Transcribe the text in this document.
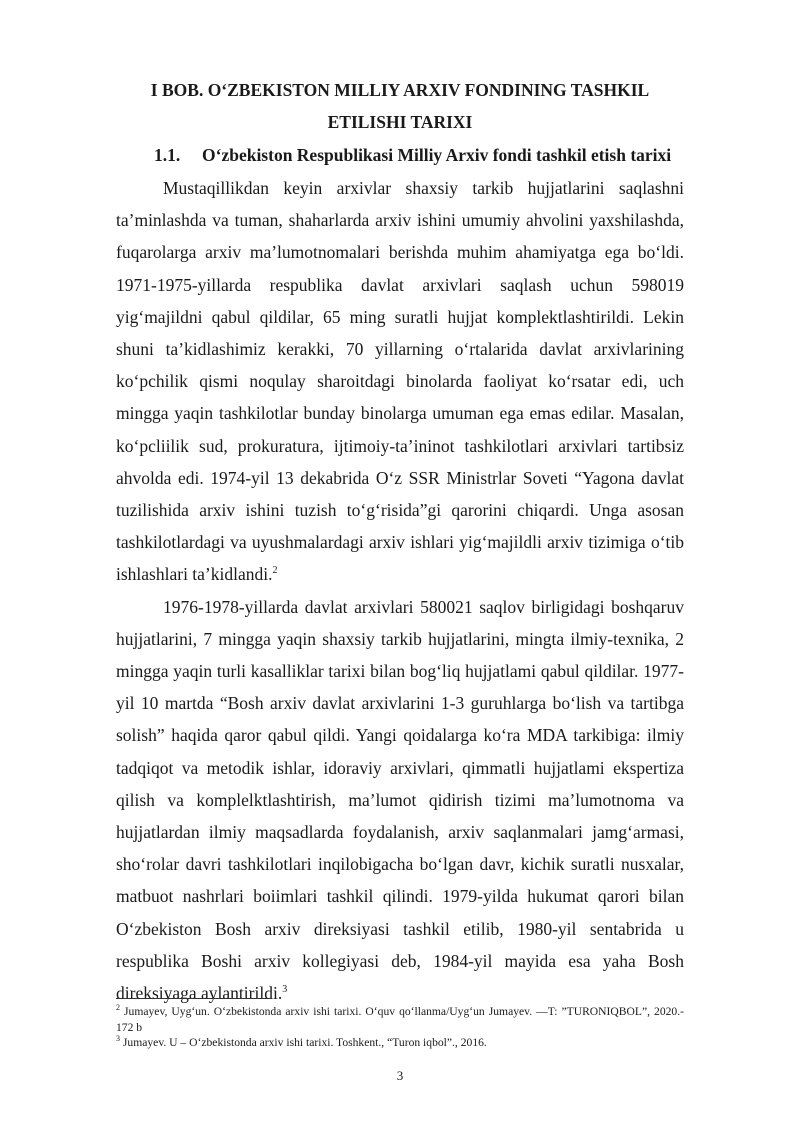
I BOB. O‘ZBEKISTON MILLIY ARXIV FONDINING TASHKIL
ETILISHI TARIXI
1.1. O‘zbekiston Respublikasi Milliy Arxiv fondi tashkil etish tarixi

Mustaqillikdan keyin arxivlar shaxsiy tarkib hujjatlarini saqlashni ta’minlashda va tuman, shaharlarda arxiv ishini umumiy ahvolini yaxshilashda, fuqarolarga arxiv ma’lumotnomalari berishda muhim ahamiyatga ega bo‘ldi. 1971-1975-yillarda respublika davlat arxivlari saqlash uchun 598019 yig‘majildni qabul qildilar, 65 ming suratli hujjat komplektlashtirildi. Lekin shuni ta’kidlashimiz kerakki, 70 yillarning o‘rtalarida davlat arxivlarining ko‘pchilik qismi noqulay sharoitdagi binolarda faoliyat ko‘rsatar edi, uch mingga yaqin tashkilotlar bunday binolarga umuman ega emas edilar. Masalan, ko‘pcliilik sud, prokuratura, ijtimoiy-ta’ininot tashkilotlari arxivlari tartibsiz ahvolda edi. 1974-yil 13 dekabrida O‘z SSR Ministrlar Soveti “Yagona davlat tuzilishida arxiv ishini tuzish to‘g‘risida”gi qarorini chiqardi. Unga asosan tashkilotlardagi va uyushmalardagi arxiv ishlari yig‘majildli arxiv tizimiga o‘tib ishlashlari ta’kidlandi.$^2$

1976-1978-yillarda davlat arxivlari 580021 saqlov birligidagi boshqaruv hujjatlarini, 7 mingga yaqin shaxsiy tarkib hujjatlarini, mingta ilmiy-texnika, 2 mingga yaqin turli kasalliklar tarixi bilan bog‘liq hujjatlami qabul qildilar. 1977-yil 10 martda “Bosh arxiv davlat arxivlarini 1-3 guruhlarga bo‘lish va tartibga solish” haqida qaror qabul qildi. Yangi qoidalarga ko‘ra MDA tarkibiga: ilmiy tadqiqot va metodik ishlar, idoraviy arxivlari, qimmatli hujjatlami ekspertiza qilish va komplelktlashtirish, ma’lumot qidirish tizimi ma’lumotnoma va hujjatlardan ilmiy maqsadlarda foydalanish, arxiv saqlanmalari jamg‘armasi, sho‘rolar davri tashkilotlari inqilobigacha bo‘lgan davr, kichik suratli nusxalar, matbuot nashrlari boiimlari tashkil qilindi. 1979-yilda hukumat qarori bilan O‘zbekiston Bosh arxiv direksiyasi tashkil etilib, 1980-yil sentabrida u respublika Boshi arxiv kollegiyasi deb, 1984-yil mayida esa yaha Bosh direksiyaga aylantirildi.$^3$

$^2$ Jumayev, Uyg‘un. O‘zbekistonda arxiv ishi tarixi. O‘quv qo‘llanma/Uyg‘un Jumayev. —T: ”TURONIQBOL”, 2020.- 172 b

$^3$ Jumayev. U – O‘zbekistonda arxiv ishi tarixi. Toshkent., “Turon iqbol”., 2016.

3
